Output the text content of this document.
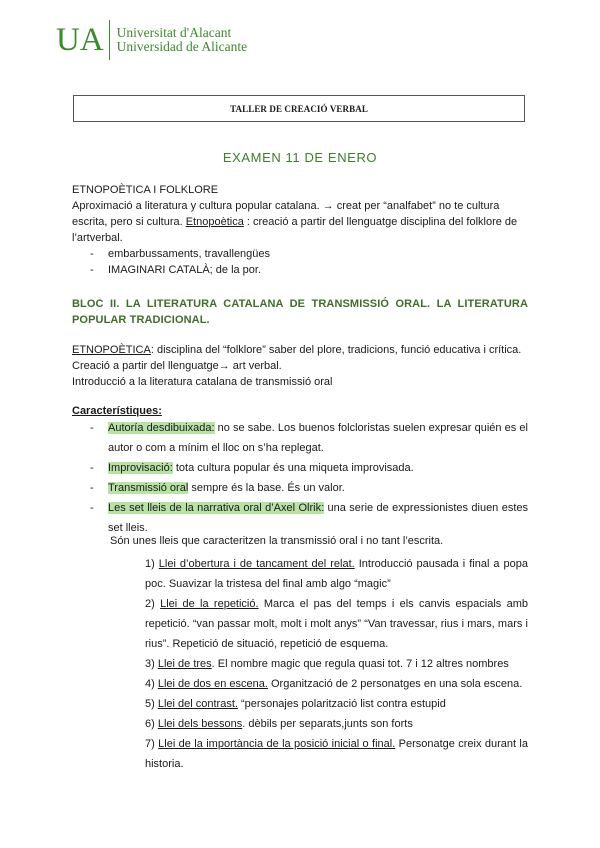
UA Universitat d'Alacant
Universidad de Alicante
TALLER DE CREACIÓ VERBAL
EXAMEN 11 DE ENERO
ETNOPOÈTICA I FOLKLORE
Aproximació a literatura y cultura popular catalana. → creat per “analfabet” no te cultura escrita, pero si cultura. Etnopoètica : creació a partir del llenguatge disciplina del folklore de l’artverbal.
- embarbussaments, travallengües
- IMAGINARI CATALÀ; de la por.
BLOC II. LA LITERATURA CATALANA DE TRANSMISSIÓ ORAL. LA LITERATURA POPULAR TRADICIONAL.
ETNOPOÈTICA: disciplina del “folklore” saber del plore, tradicions, funció educativa i crítica.
Creació a partir del llenguatge→ art verbal.
Introducció a la literatura catalana de transmissió oral
Característiques:
- Autoría desdibuixada: no se sabe. Los buenos folcloristas suelen expresar quién es el autor o com a mínim el lloc on s’ha replegat.
- Improvisació: tota cultura popular és una miqueta improvisada.
- Transmissió oral sempre és la base. És un valor.
- Les set lleis de la narrativa oral d’Axel Olrik: una serie de expressionistes diuen estes set lleis.
Són unes lleis que caracteritzen la transmissió oral i no tant l’escrita.
1) Llei d’obertura i de tancament del relat. Introducció pausada i final a popa poc. Suavizar la tristesa del final amb algo “magic”
2) Llei de la repetició. Marca el pas del temps i els canvis espacials amb repetició. “van passar molt, molt i molt anys” “Van travessar, rius i mars, mars i rius”. Repetició de situació, repetició de esquema.
3) Llei de tres. El nombre magic que regula quasi tot. 7 i 12 altres nombres
4) Llei de dos en escena. Organització de 2 personatges en una sola escena.
5) Llei del contrast. “personajes polarització list contra estupid
6) Llei dels bessons. dèbils per separats,junts son forts
7) Llei de la importància de la posició inicial o final. Personatge creix durant la historia.
